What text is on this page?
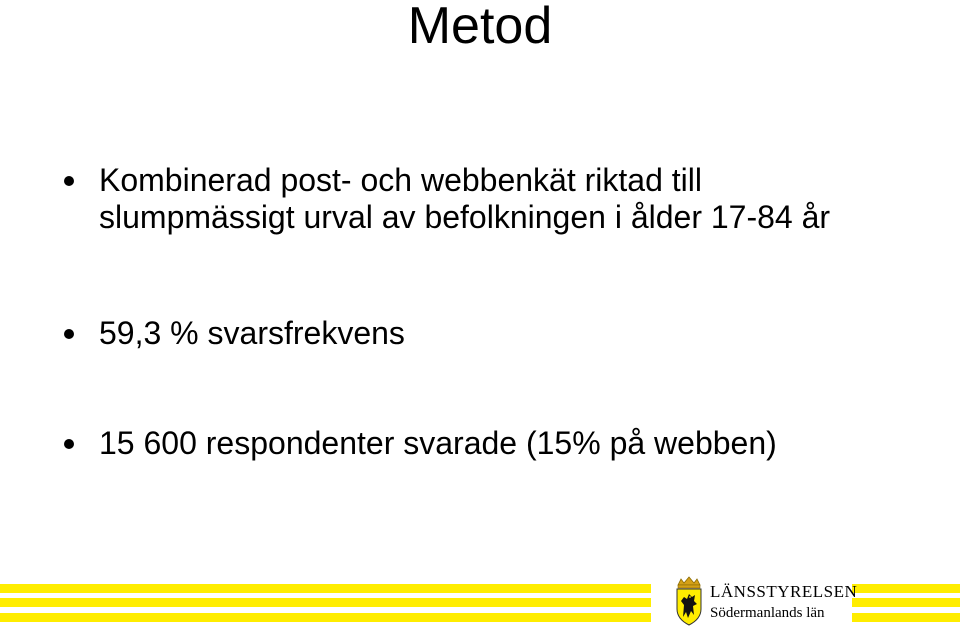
Metod
Kombinerad post- och webbenkät riktad till slumpmässigt urval av befolkningen i ålder 17-84 år
59,3 % svarsfrekvens
15 600 respondenter svarade (15% på webben)
LÄNSSTYRELSEN
Södermanlands län
